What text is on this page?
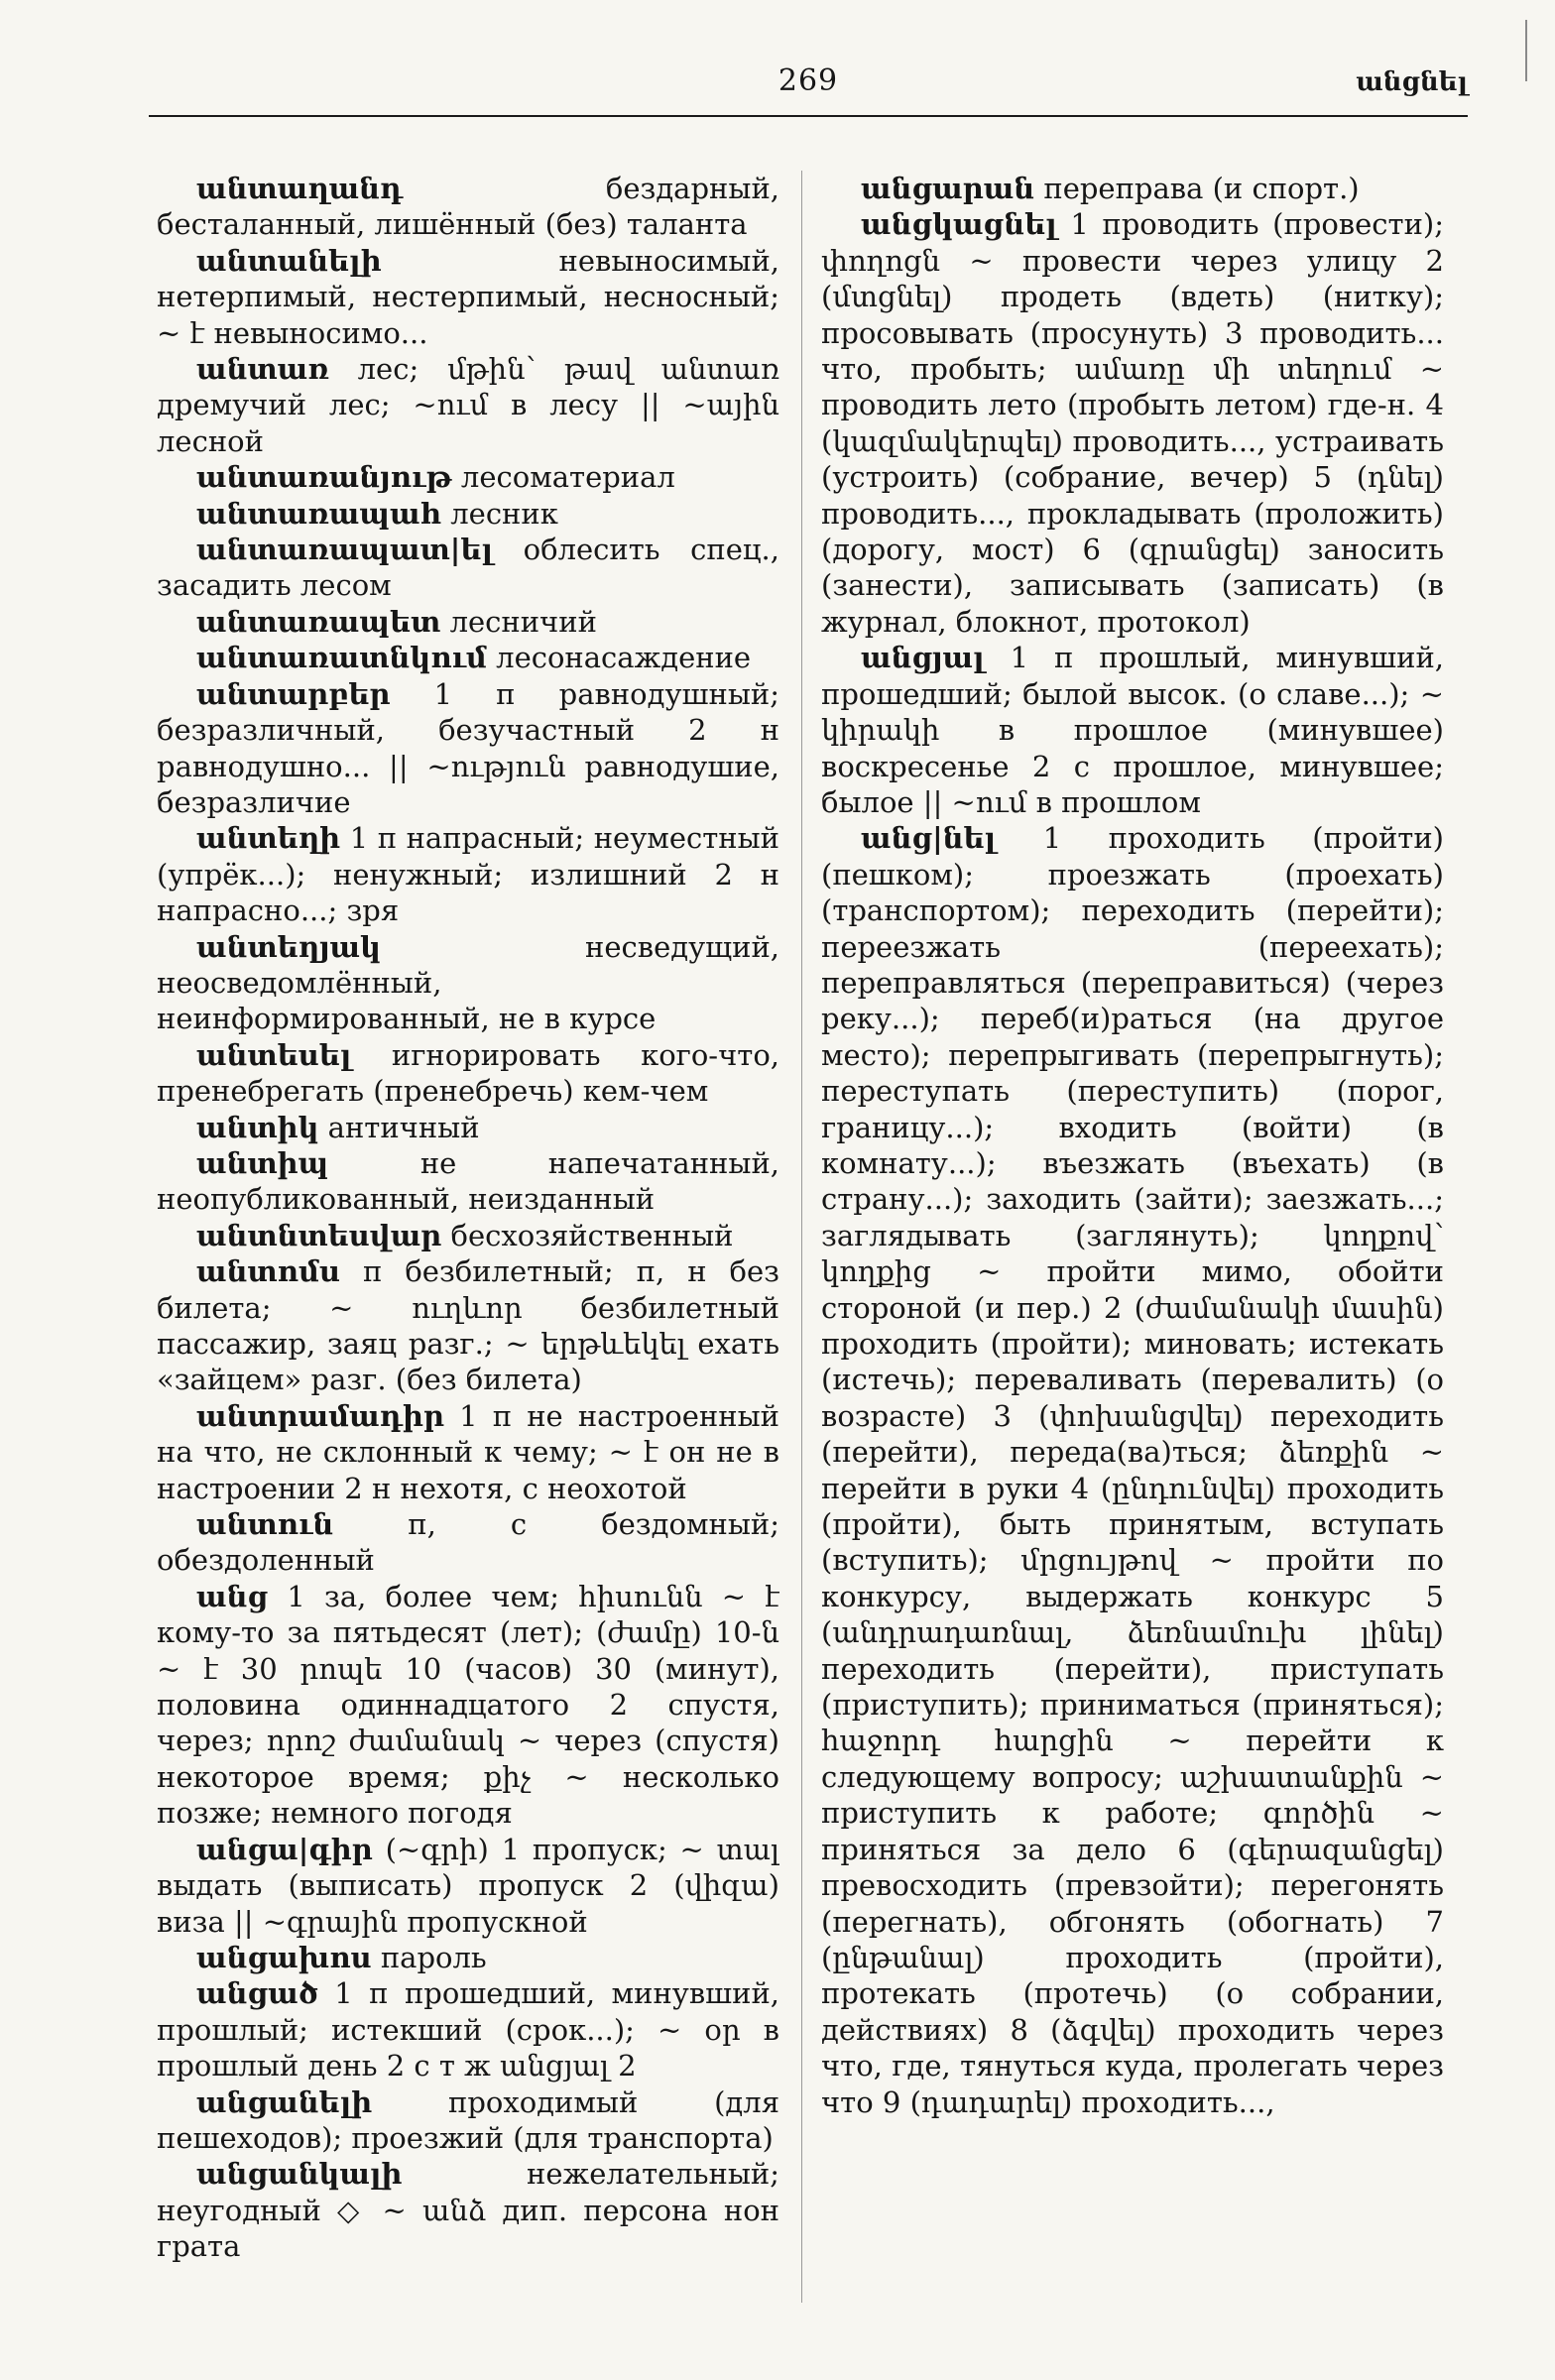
269	անցնել

անտաղանդ	бездарный, бесталанный, лишённый (без) таланта

անտանելի	невыносимый, нетерпимый, нестерпимый, несносный; ~ է невыносимо...

անտառ лес; մթին՝ թավ անտառ дремучий лес; ~ում в лесу || ~ային лесной

անտառանյութ лесоматериал

անտառապահ лесник

անտառապատ|ել облесить спец., засадить лесом

անտառապետ лесничий

անտառատնկում лесонасаждение

անտարբեր 1 п равнодушный; безразличный, безучастный 2 н равнодушно... || ~ություն равнодушие, безразличие

անտեղի 1 п напрасный; неуместный (упрёк...); ненужный; излишний 2 н напрасно...; зря

անտեղյակ	несведущий, неосведомлённый, неинформированный, не в курсе

անտեսել игнорировать кого-что, пренебрегать (пренебречь) кем-чем

անտիկ античный

անտիպ	не напечатанный, неопубликованный, неизданный

անտնտեսվար бесхозяйственный

անտոմս п безбилетный; п, н без билета; ~ ուղևոր безбилетный пассажир, заяц разг.; ~ երթևեկել ехать «зайцем» разг. (без билета)

անտրամադիր 1 п не настроенный на что, не склонный к чему; ~ է он не в настроении 2 н нехотя, с неохотой

անտուն	п, с бездомный; обездоленный

անց 1 за, более чем; հիսունն ~ է кому-то за пятьдесят (лет); (ժամը) 10-ն ~ է 30 րոպե 10 (часов) 30 (минут), половина одиннадцатого 2 спустя, через; որոշ ժամանակ ~ через (спустя) некоторое время; քիչ ~ несколько позже; немного погодя

անցա|գիր (~գրի) 1 пропуск; ~ տալ выдать (выписать) пропуск 2 (վիզա) виза || ~գրային пропускной

անցախոս пароль

անցած 1 п прошедший, минувший, прошлый; истекший (срок...); ~ օր в прошлый день 2 с т ж անցյալ 2

անցանելի	проходимый (для пешеходов); проезжий (для транспорта)

անցանկալի	нежелательный; неугодный ◇ ~ անձ дип. персона нон грата

անցարան переправа (и спорт.)

անցկացնել 1 проводить (провести); փողոցն ~ провести через улицу 2 (մտցնել) продеть (вдеть) (нитку); просовывать (просунуть) 3 проводить... что, пробыть; ամառը մի տեղում ~ проводить лето (пробыть летом) где-н. 4 (կազմակերպել) проводить..., устраивать (устроить) (собрание, вечер) 5 (դնել) проводить..., прокладывать (проложить) (дорогу, мост) 6 (գրանցել) заносить (занести), записывать (записать) (в журнал, блокнот, протокол)

անցյալ 1 п прошлый, минувший, прошедший; былой высок. (о славе...); ~ կիրակի в прошлое (минувшее) воскресенье 2 с прошлое, минувшее; былое || ~ում в прошлом

անց|նել 1 проходить (пройти) (пешком); проезжать (проехать) (транспортом); переходить (перейти); переезжать (переехать); переправляться (переправиться) (через реку...); переб(и)раться (на другое место); перепрыгивать (перепрыгнуть); переступать (переступить) (порог, границу...); входить (войти) (в комнату...); въезжать (въехать) (в страну...); заходить (зайти); заезжать...; заглядывать (заглянуть); կողքով՝ կողքից ~ пройти мимо, обойти стороной (и пер.) 2 (ժամանակի մասին) проходить (пройти); миновать; истекать (истечь); переваливать (перевалить) (о возрасте) 3 (փոխանցվել) переходить (перейти), переда(ва)ться; ձեռքին ~ перейти в руки 4 (ընդունվել) проходить (пройти), быть принятым, вступать (вступить); մրցույթով ~ пройти по конкурсу, выдержать конкурс 5 (անդրադառնալ, ձեռնամուխ լինել) переходить (перейти), приступать (приступить); приниматься (приняться); հաջորդ հարցին ~ перейти к следующему вопросу; աշխատանքին ~ приступить к работе; գործին ~ приняться за дело 6 (գերազանցել) превосходить (превзойти); перегонять (перегнать), обгонять (обогнать) 7 (ընթանալ) проходить (пройти), протекать (протечь) (о собрании, действиях) 8 (ձգվել) проходить через что, где, тянуться куда, пролегать через что 9 (դադարել) проходить...,
